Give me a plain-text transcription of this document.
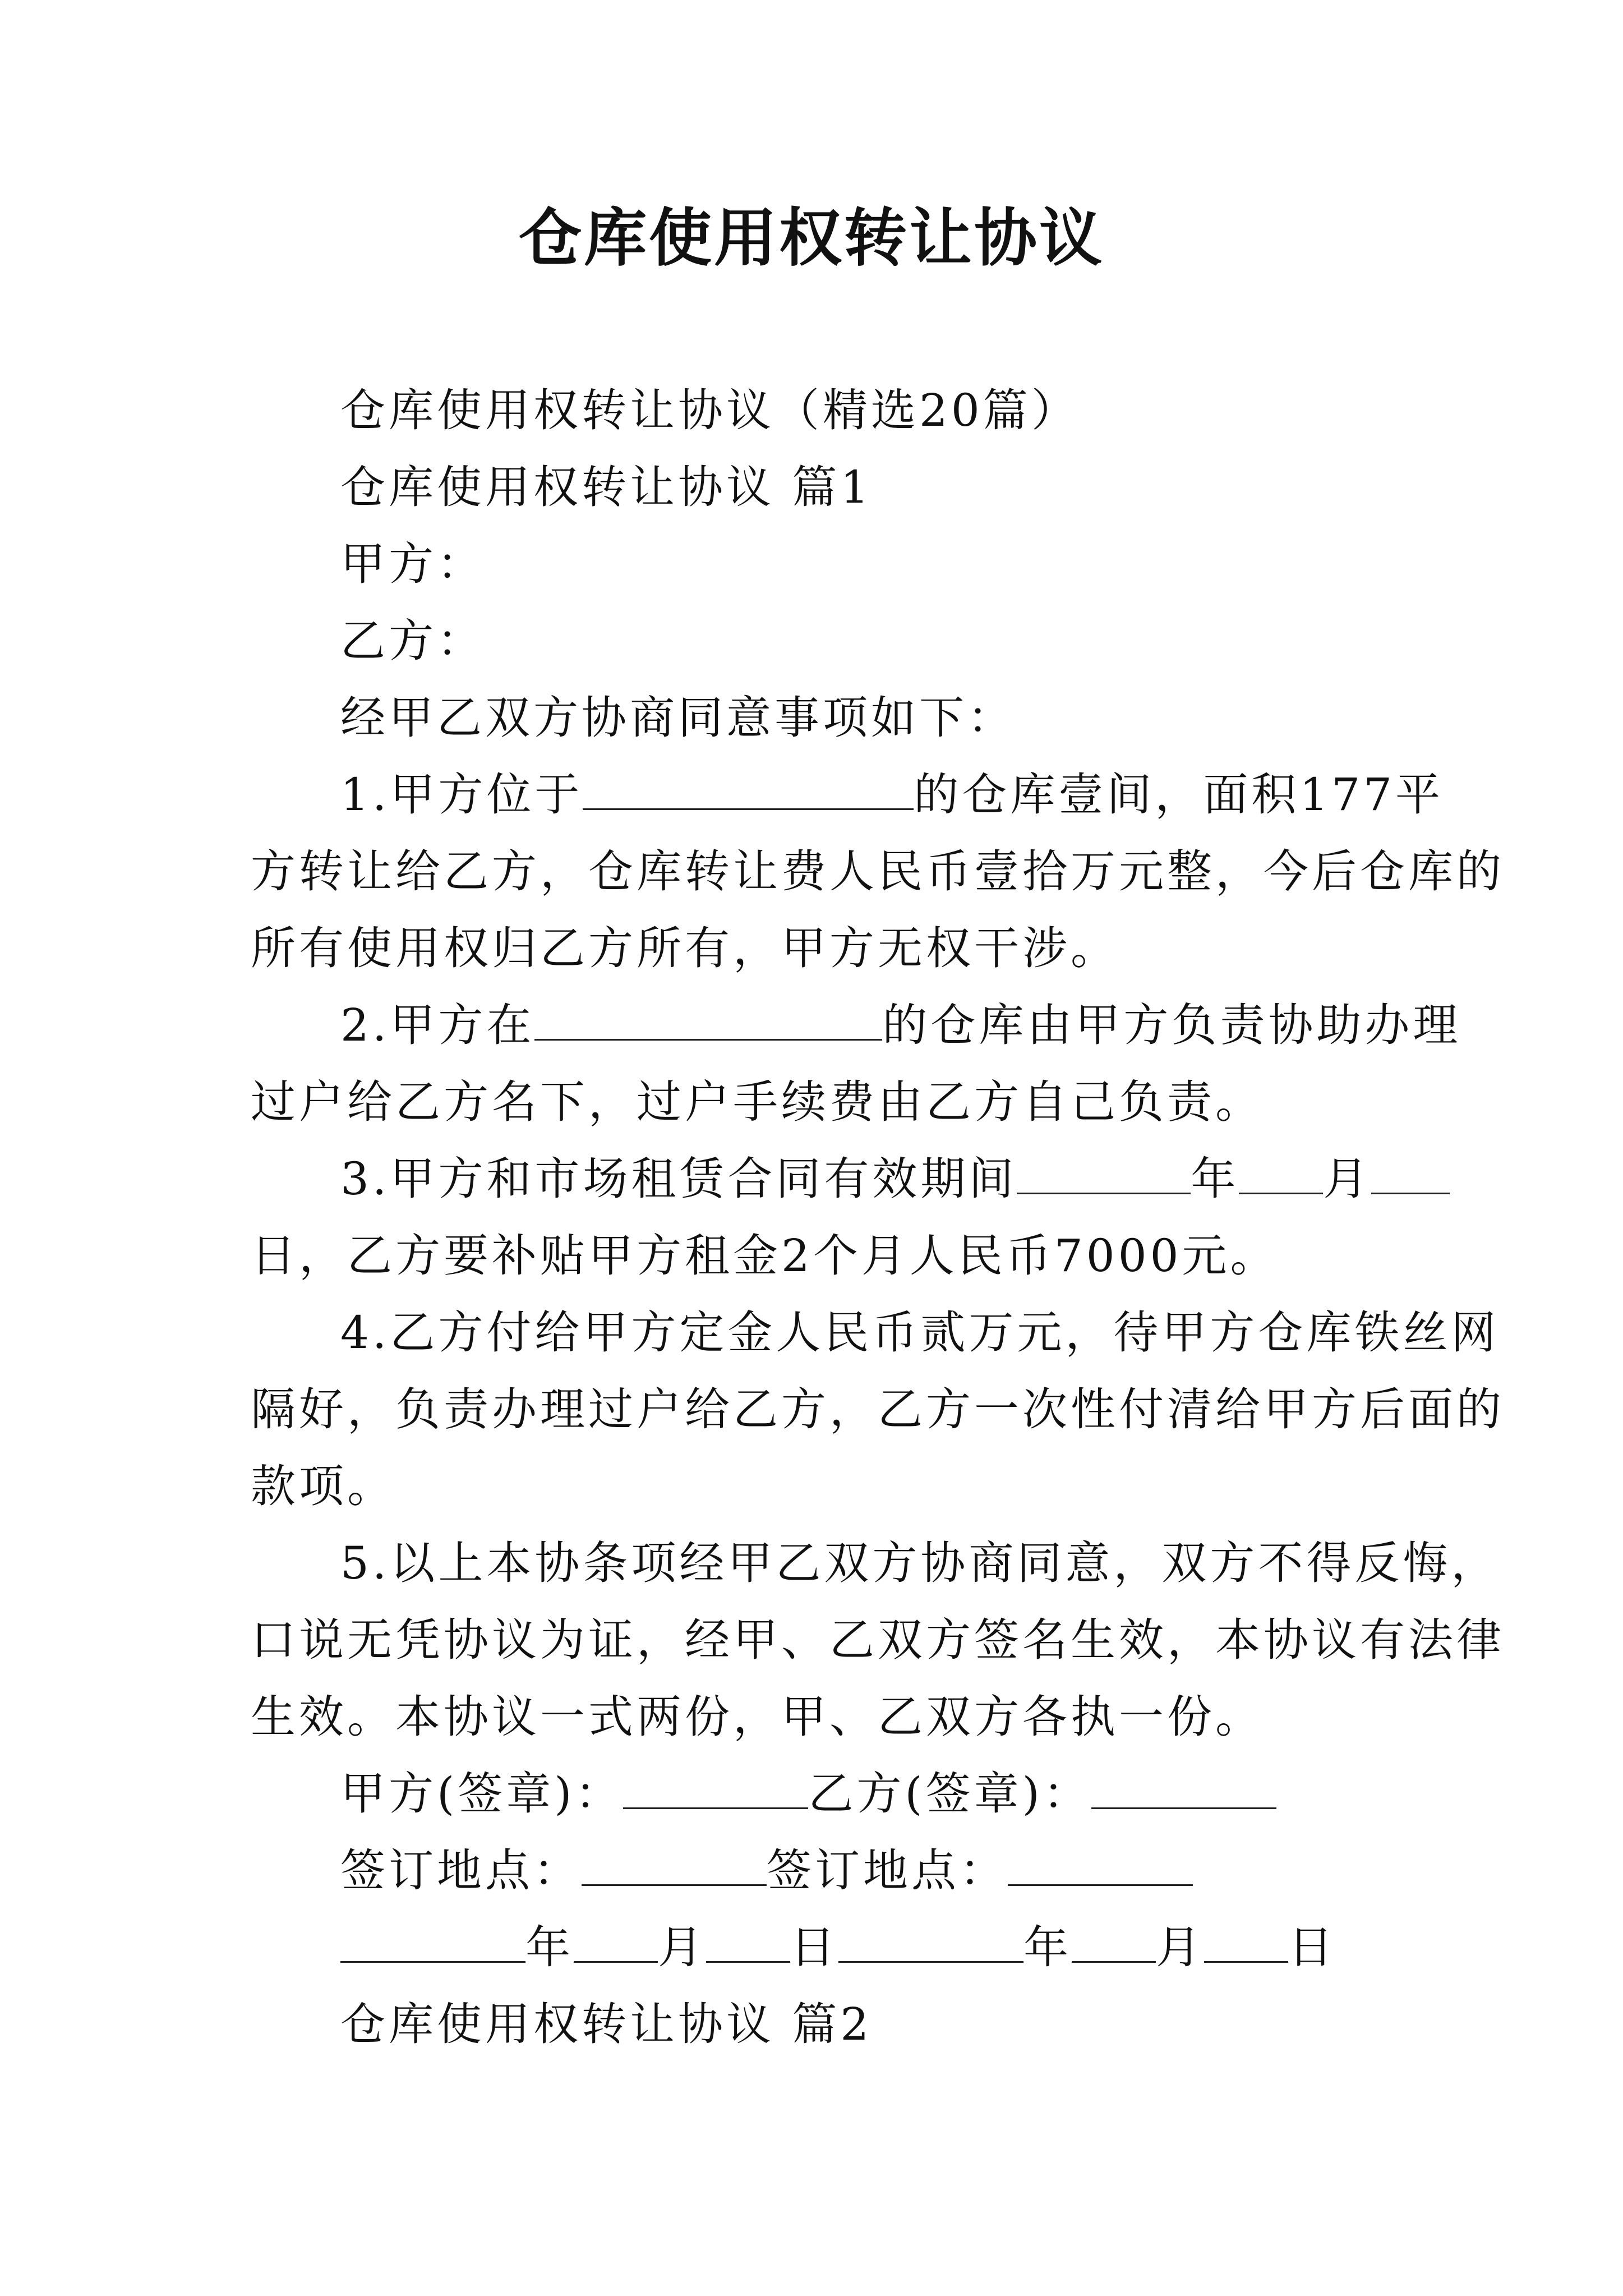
仓库使用权转让协议
仓库使用权转让协议（精选20篇）
仓库使用权转让协议 篇1
甲方：
乙方：
经甲乙双方协商同意事项如下：
1.甲方位于	的仓库壹间，面积177平
方转让给乙方，仓库转让费人民币壹拾万元整，今后仓库的
所有使用权归乙方所有，甲方无权干涉。
2.甲方在	的仓库由甲方负责协助办理
过户给乙方名下，过户手续费由乙方自己负责。
3.甲方和市场租赁合同有效期间	年 月
日，乙方要补贴甲方租金2个月人民币7000元。
4.乙方付给甲方定金人民币贰万元，待甲方仓库铁丝网
隔好，负责办理过户给乙方，乙方一次性付清给甲方后面的
款项。
5.以上本协条项经甲乙双方协商同意，双方不得反悔，
口说无凭协议为证，经甲、乙双方签名生效，本协议有法律
生效。本协议一式两份，甲、乙双方各执一份。
甲方(签章)：	乙方(签章)：
签订地点：	签订地点：
年 月 日	年 月 日
仓库使用权转让协议 篇2
